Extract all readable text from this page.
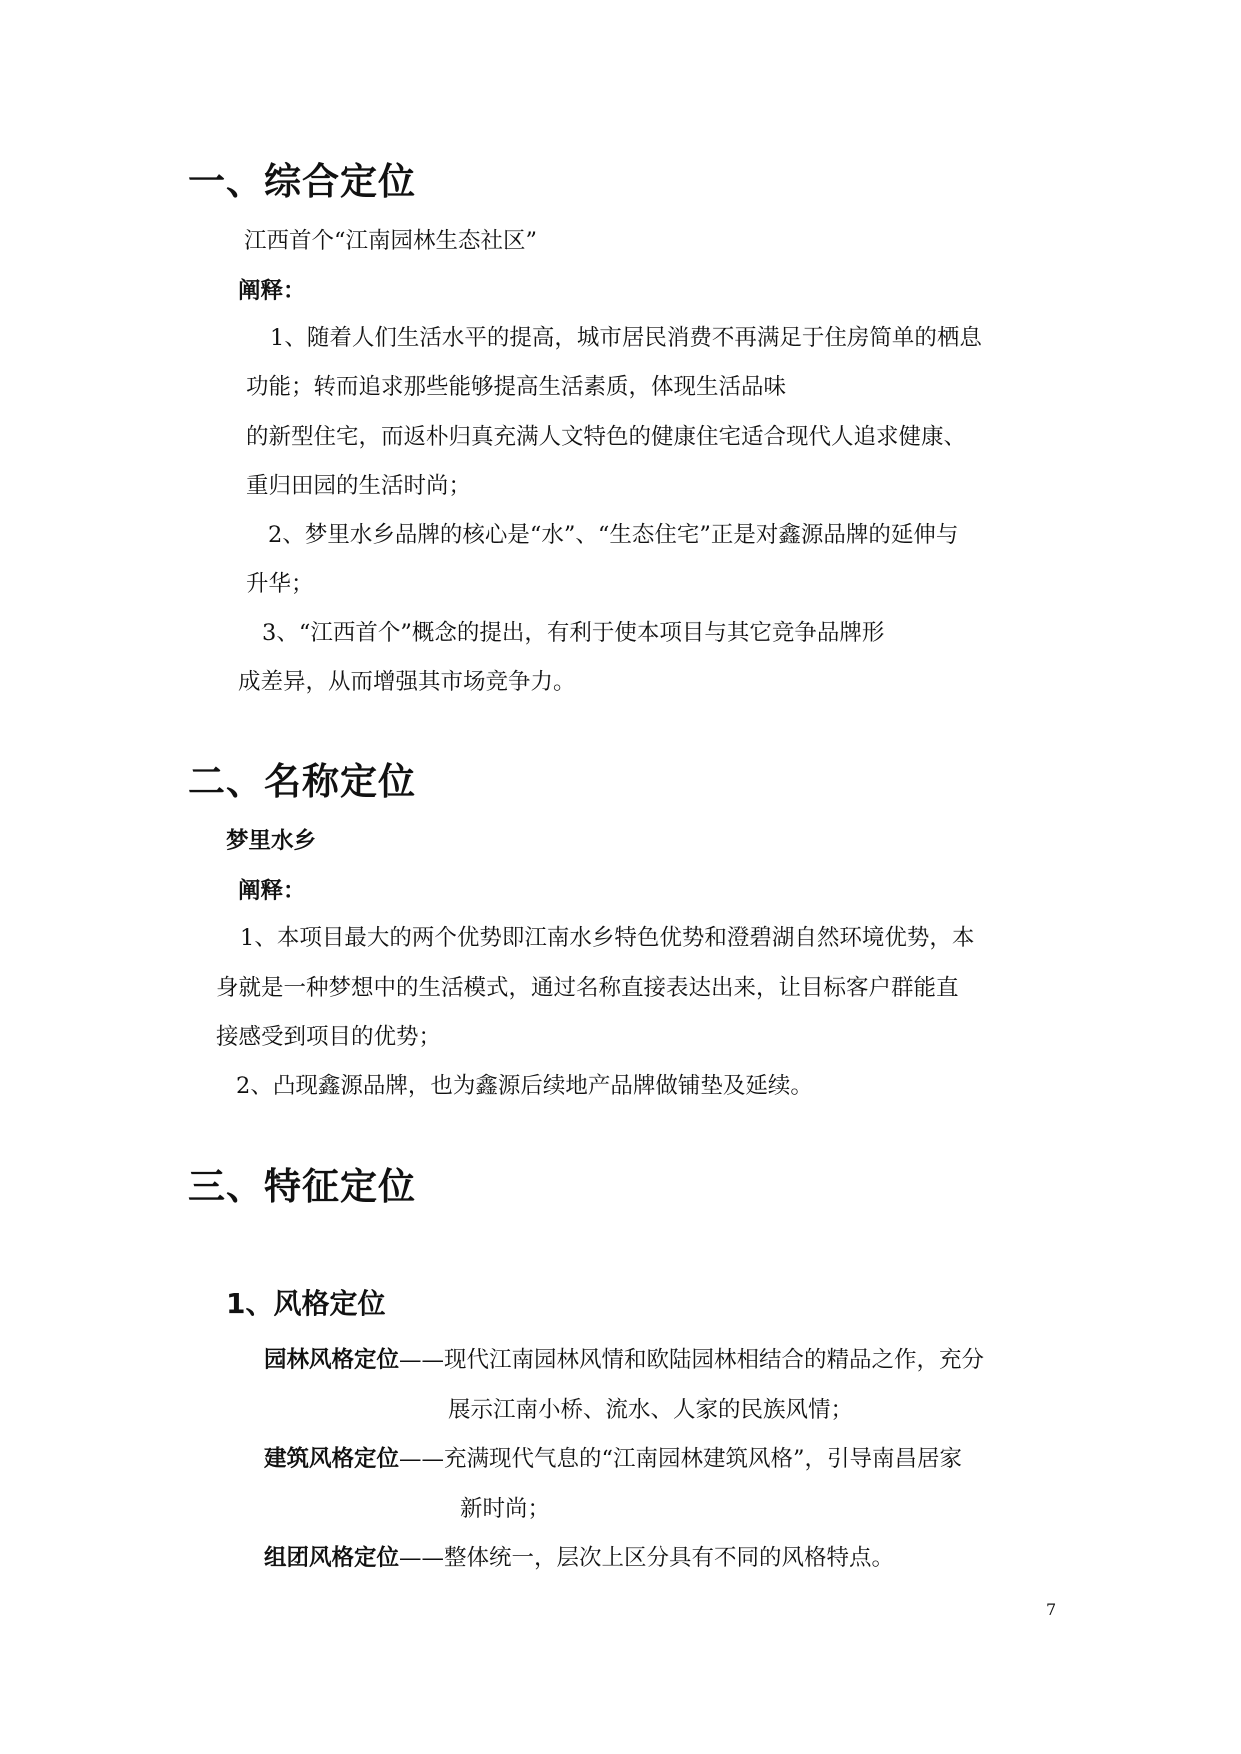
一、综合定位
江西首个“江南园林生态社区”
阐释：
1、随着人们生活水平的提高，城市居民消费不再满足于住房简单的栖息
功能；转而追求那些能够提高生活素质，体现生活品味
的新型住宅，而返朴归真充满人文特色的健康住宅适合现代人追求健康、
重归田园的生活时尚；
2、梦里水乡品牌的核心是“水”、“生态住宅”正是对鑫源品牌的延伸与
升华；
3、“江西首个”概念的提出，有利于使本项目与其它竞争品牌形
成差异，从而增强其市场竞争力。
二、名称定位
梦里水乡
阐释：
1、本项目最大的两个优势即江南水乡特色优势和澄碧湖自然环境优势，本
身就是一种梦想中的生活模式，通过名称直接表达出来，让目标客户群能直
接感受到项目的优势；
2、凸现鑫源品牌，也为鑫源后续地产品牌做铺垫及延续。
三、特征定位
1、风格定位
园林风格定位——现代江南园林风情和欧陆园林相结合的精品之作，充分
展示江南小桥、流水、人家的民族风情；
建筑风格定位——充满现代气息的“江南园林建筑风格”，引导南昌居家
新时尚；
组团风格定位——整体统一，层次上区分具有不同的风格特点。
7
